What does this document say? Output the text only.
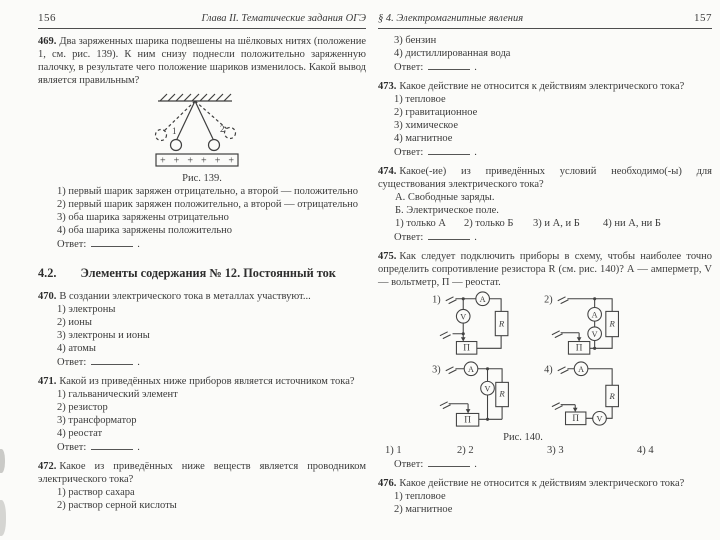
156	Глава II. Тематические задания ОГЭ

469. Два заряженных шарика подвешены на шёлковых нитях (положение 1, см. рис. 139). К ним снизу поднесли положительно заряженную палочку, в результате чего положение шариков изменилось. Какой вывод является правильным?

1	2
+ + + + + +
Рис. 139.
1) первый шарик заряжен отрицательно, а второй — положительно
2) первый шарик заряжен положительно, а второй — отрицательно
3) оба шарика заряжены отрицательно
4) оба шарика заряжены положительно
Ответ:	.
4.2. Элементы содержания № 12. Постоянный ток

470. В создании электрического тока в металлах участвуют...

1) электроны
2) ионы
3) электроны и ионы
4) атомы
Ответ:	.

471. Какой из приведённых ниже приборов является источником тока?

1) гальванический элемент
2) резистор
3) трансформатор
4) реостат
Ответ:	.

472. Какое из приведённых ниже веществ является проводником электрического тока?

1) раствор сахара
2) раствор серной кислоты
§ 4. Электромагнитные явления	157
3) бензин
4) дистиллированная вода
Ответ:	.

473. Какое действие не относится к действиям электрического тока?

1) тепловое
2) гравитационное
3) химическое
4) магнитное
Ответ:	.

474. Какое(-ие) из приведённых условий необходимо(-ы) для существования электрического тока?

А. Свободные заряды.
Б. Электрическое поле.
1) только А	2) только Б	3) и А, и Б	4) ни А, ни Б
Ответ:	.

475. Как следует подключить приборы в схему, чтобы наиболее точно определить сопротивление резистора R (см. рис. 140)? А — амперметр, V — вольтметр, П — реостат.

1)	A
R
П
V
2)
R
A
V
П
3)	A
R
V
П
4)	A
R
V
П
Рис. 140.
1) 1	2) 2	3) 3	4) 4
Ответ:	.

476. Какое действие не относится к действиям электрического тока?

1) тепловое
2) магнитное
